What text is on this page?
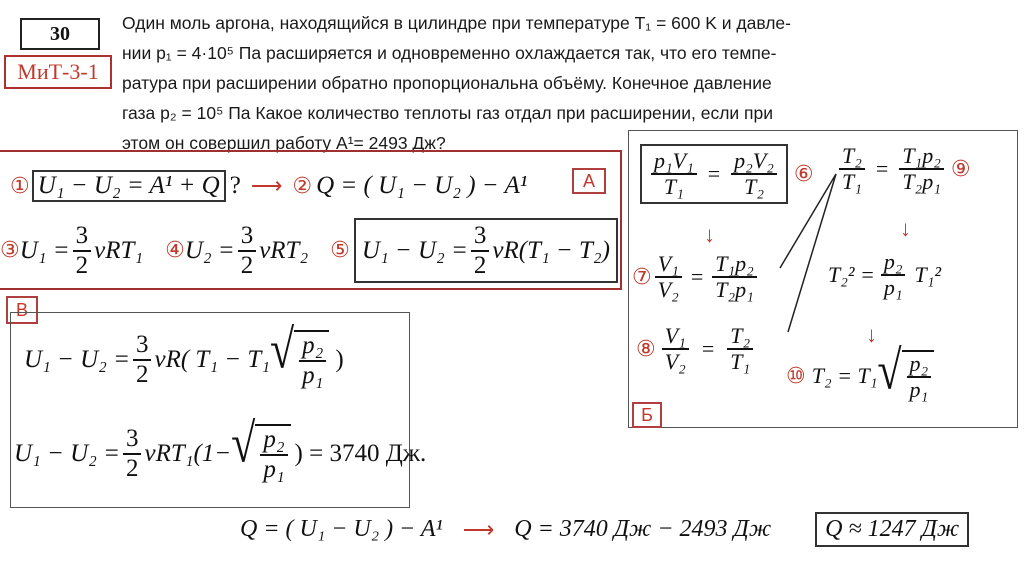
30
МиТ-3-1
Один моль аргона, находящийся в цилиндре при температуре T₁ = 600 K и давле-
нии p₁ = 4·10⁵ Па расширяется и одновременно охлаждается так, что его темпе-
ратура при расширении обратно пропорциональна объёму. Конечное давление
газа p₂ = 10⁵ Па Какое количество теплоты газ отдал при расширении, если при
этом он совершил работу A¹= 2493 Дж?
A
① U₁ − U₂ = A¹ + Q ? ⟶ ② Q = ( U₁ − U₂ ) − A¹
③ $U_1 = \frac{3}{2} \nu RT_1$ ④ $U_2 = \frac{3}{2} \nu RT_2$ ⑤ $U_1 - U_2 = \frac{3}{2} \nu R(T_1 - T_2)$
B
$U_1 - U_2 = \frac{3}{2} \nu R$( T₁ − T₁ √ $\frac{\text{p₂}}{\text{p₁}}$ )
$U_1 - U_2 = \frac{3}{2} \nu RT_1(1-$ √ $\frac{\text{p₂}}{\text{p₁}}$ ) = 3740 Дж.
$\frac{\text{p₁V₁}}{\text{T₁}} = \frac{\text{p₂V₂}}{\text{T₂}}$ ⑥
↓
⑦ $\frac{\text{V₁}}{\text{V₂}} = \frac{\text{T₁p₂}}{\text{T₂p₁}}$
⑧ $\frac{\text{V₁}}{\text{V₂}} = \frac{\text{T₂}}{\text{T₁}}$
$\frac{\text{T₂}}{\text{T₁}} = \frac{\text{T₁p₂}}{\text{T₂p₁}}$ ⑨
↓
$T_2^2 = \frac{\text{p₂}}{\text{p₁}} T_1^2$
↓
⑩ T₂ = T₁ √ $\frac{\text{p₂}}{\text{p₁}}$
Б
Q = ( U₁ − U₂ ) − A¹ ⟶ Q = 3740 Дж − 2493 Дж	Q ≈ 1247 Дж
